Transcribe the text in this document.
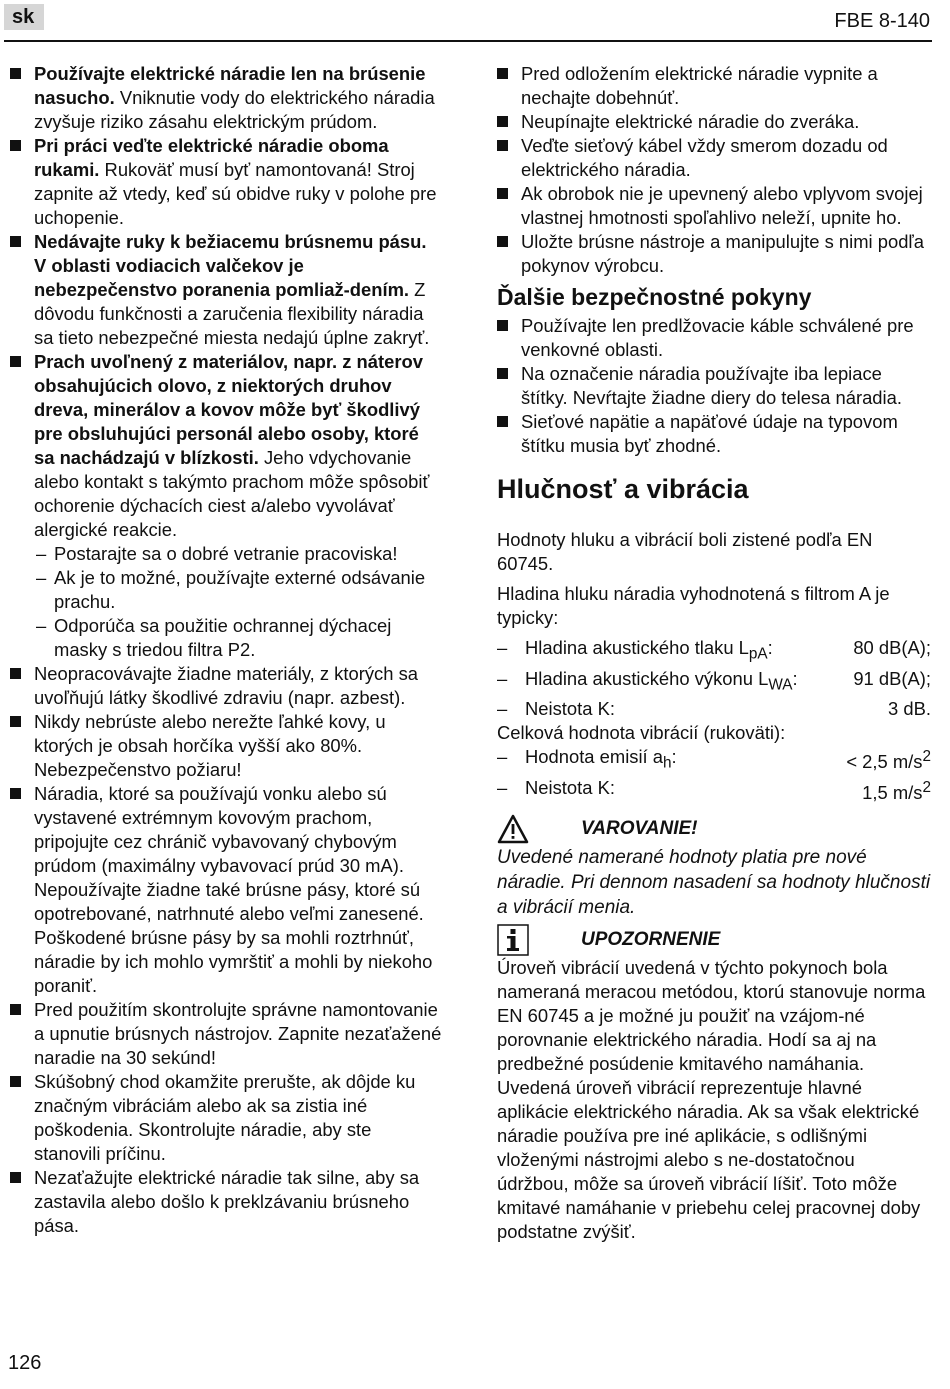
sk	FBE 8-140
Používajte elektrické náradie len na brúsenie nasucho. Vniknutie vody do elektrického náradia zvyšuje riziko zásahu elektrickým prúdom.
Pri práci veďte elektrické náradie oboma rukami. Rukoväť musí byť namontovaná! Stroj zapnite až vtedy, keď sú obidve ruky v polohe pre uchopenie.
Nedávajte ruky k bežiacemu brúsnemu pásu. V oblasti vodiacich valčekov je nebezpečenstvo poranenia pomliaž-dením. Z dôvodu funkčnosti a zaručenia flexibility náradia sa tieto nebezpečné miesta nedajú úplne zakryť.
Prach uvoľnený z materiálov, napr. z náterov obsahujúcich olovo, z niektorých druhov dreva, minerálov a kovov môže byť škodlivý pre obsluhujúci personál alebo osoby, ktoré sa nachádzajú v blízkosti. Jeho vdychovanie alebo kontakt s takýmto prachom môže spôsobiť ochorenie dýchacích ciest a/alebo vyvolávať alergické reakcie.
– Postarajte sa o dobré vetranie pracoviska!
– Ak je to možné, používajte externé odsávanie prachu.
– Odporúča sa použitie ochrannej dýchacej masky s triedou filtra P2.
Neopracovávajte žiadne materiály, z ktorých sa uvoľňujú látky škodlivé zdraviu (napr. azbest).
Nikdy nebrúste alebo nerežte ľahké kovy, u ktorých je obsah horčíka vyšší ako 80%. Nebezpečenstvo požiaru!
Náradia, ktoré sa používajú vonku alebo sú vystavené extrémnym kovovým prachom, pripojujte cez chránič vybavovaný chybovým prúdom (maximálny vybavovací prúd 30 mA). Nepoužívajte žiadne také brúsne pásy, ktoré sú opotrebované, natrhnuté alebo veľmi zanesené. Poškodené brúsne pásy by sa mohli roztrhnúť, náradie by ich mohlo vymrštiť a mohli by niekoho poraniť.
Pred použitím skontrolujte správne namontovanie a upnutie brúsnych nástrojov. Zapnite nezaťažené naradie na 30 sekúnd!
Skúšobný chod okamžite prerušte, ak dôjde ku značným vibráciám alebo ak sa zistia iné poškodenia. Skontrolujte náradie, aby ste stanovili príčinu.
Nezaťažujte elektrické náradie tak silne, aby sa zastavila alebo došlo k preklzávaniu brúsneho pása.
Pred odložením elektrické náradie vypnite a nechajte dobehnúť.
Neupínajte elektrické náradie do zveráka.
Veďte sieťový kábel vždy smerom dozadu od elektrického náradia.
Ak obrobok nie je upevnený alebo vplyvom svojej vlastnej hmotnosti spoľahlivo neleží, upnite ho.
Uložte brúsne nástroje a manipulujte s nimi podľa pokynov výrobcu.
Ďalšie bezpečnostné pokyny
Používajte len predlžovacie káble schválené pre venkovné oblasti.
Na označenie náradia používajte iba lepiace štítky. Nevŕtajte žiadne diery do telesa náradia.
Sieťové napätie a napäťové údaje na typovom štítku musia byť zhodné.
Hlučnosť a vibrácia
Hodnoty hluku a vibrácií boli zistené podľa EN 60745.
Hladina hluku náradia vyhodnotená s filtrom A je typicky:
– Hladina akustického tlaku $L_{pA}$:	80 dB(A);
– Hladina akustického výkonu $L_{WA}$:	91 dB(A);
– Neistota K:	3 dB.
Celková hodnota vibrácií (rukoväti):
– Hodnota emisií $a_h$:	< 2,5 $m/s^2$
– Neistota K:	1,5 $m/s^2$
VAROVANIE!
Uvedené namerané hodnoty platia pre nové náradie. Pri dennom nasadení sa hodnoty hlučnosti a vibrácií menia.
UPOZORNENIE
Úroveň vibrácií uvedená v týchto pokynoch bola nameraná meracou metódou, ktorú stanovuje norma EN 60745 a je možné ju použiť na vzájom-né porovnanie elektrického náradia. Hodí sa aj na predbežné posúdenie kmitavého namáhania. Uvedená úroveň vibrácií reprezentuje hlavné aplikácie elektrického náradia. Ak sa však elektrické náradie používa pre iné aplikácie, s odlišnými vloženými nástrojmi alebo s ne-dostatočnou údržbou, môže sa úroveň vibrácií líšiť. Toto môže kmitavé namáhanie v priebehu celej pracovnej doby podstatne zvýšiť.
126
